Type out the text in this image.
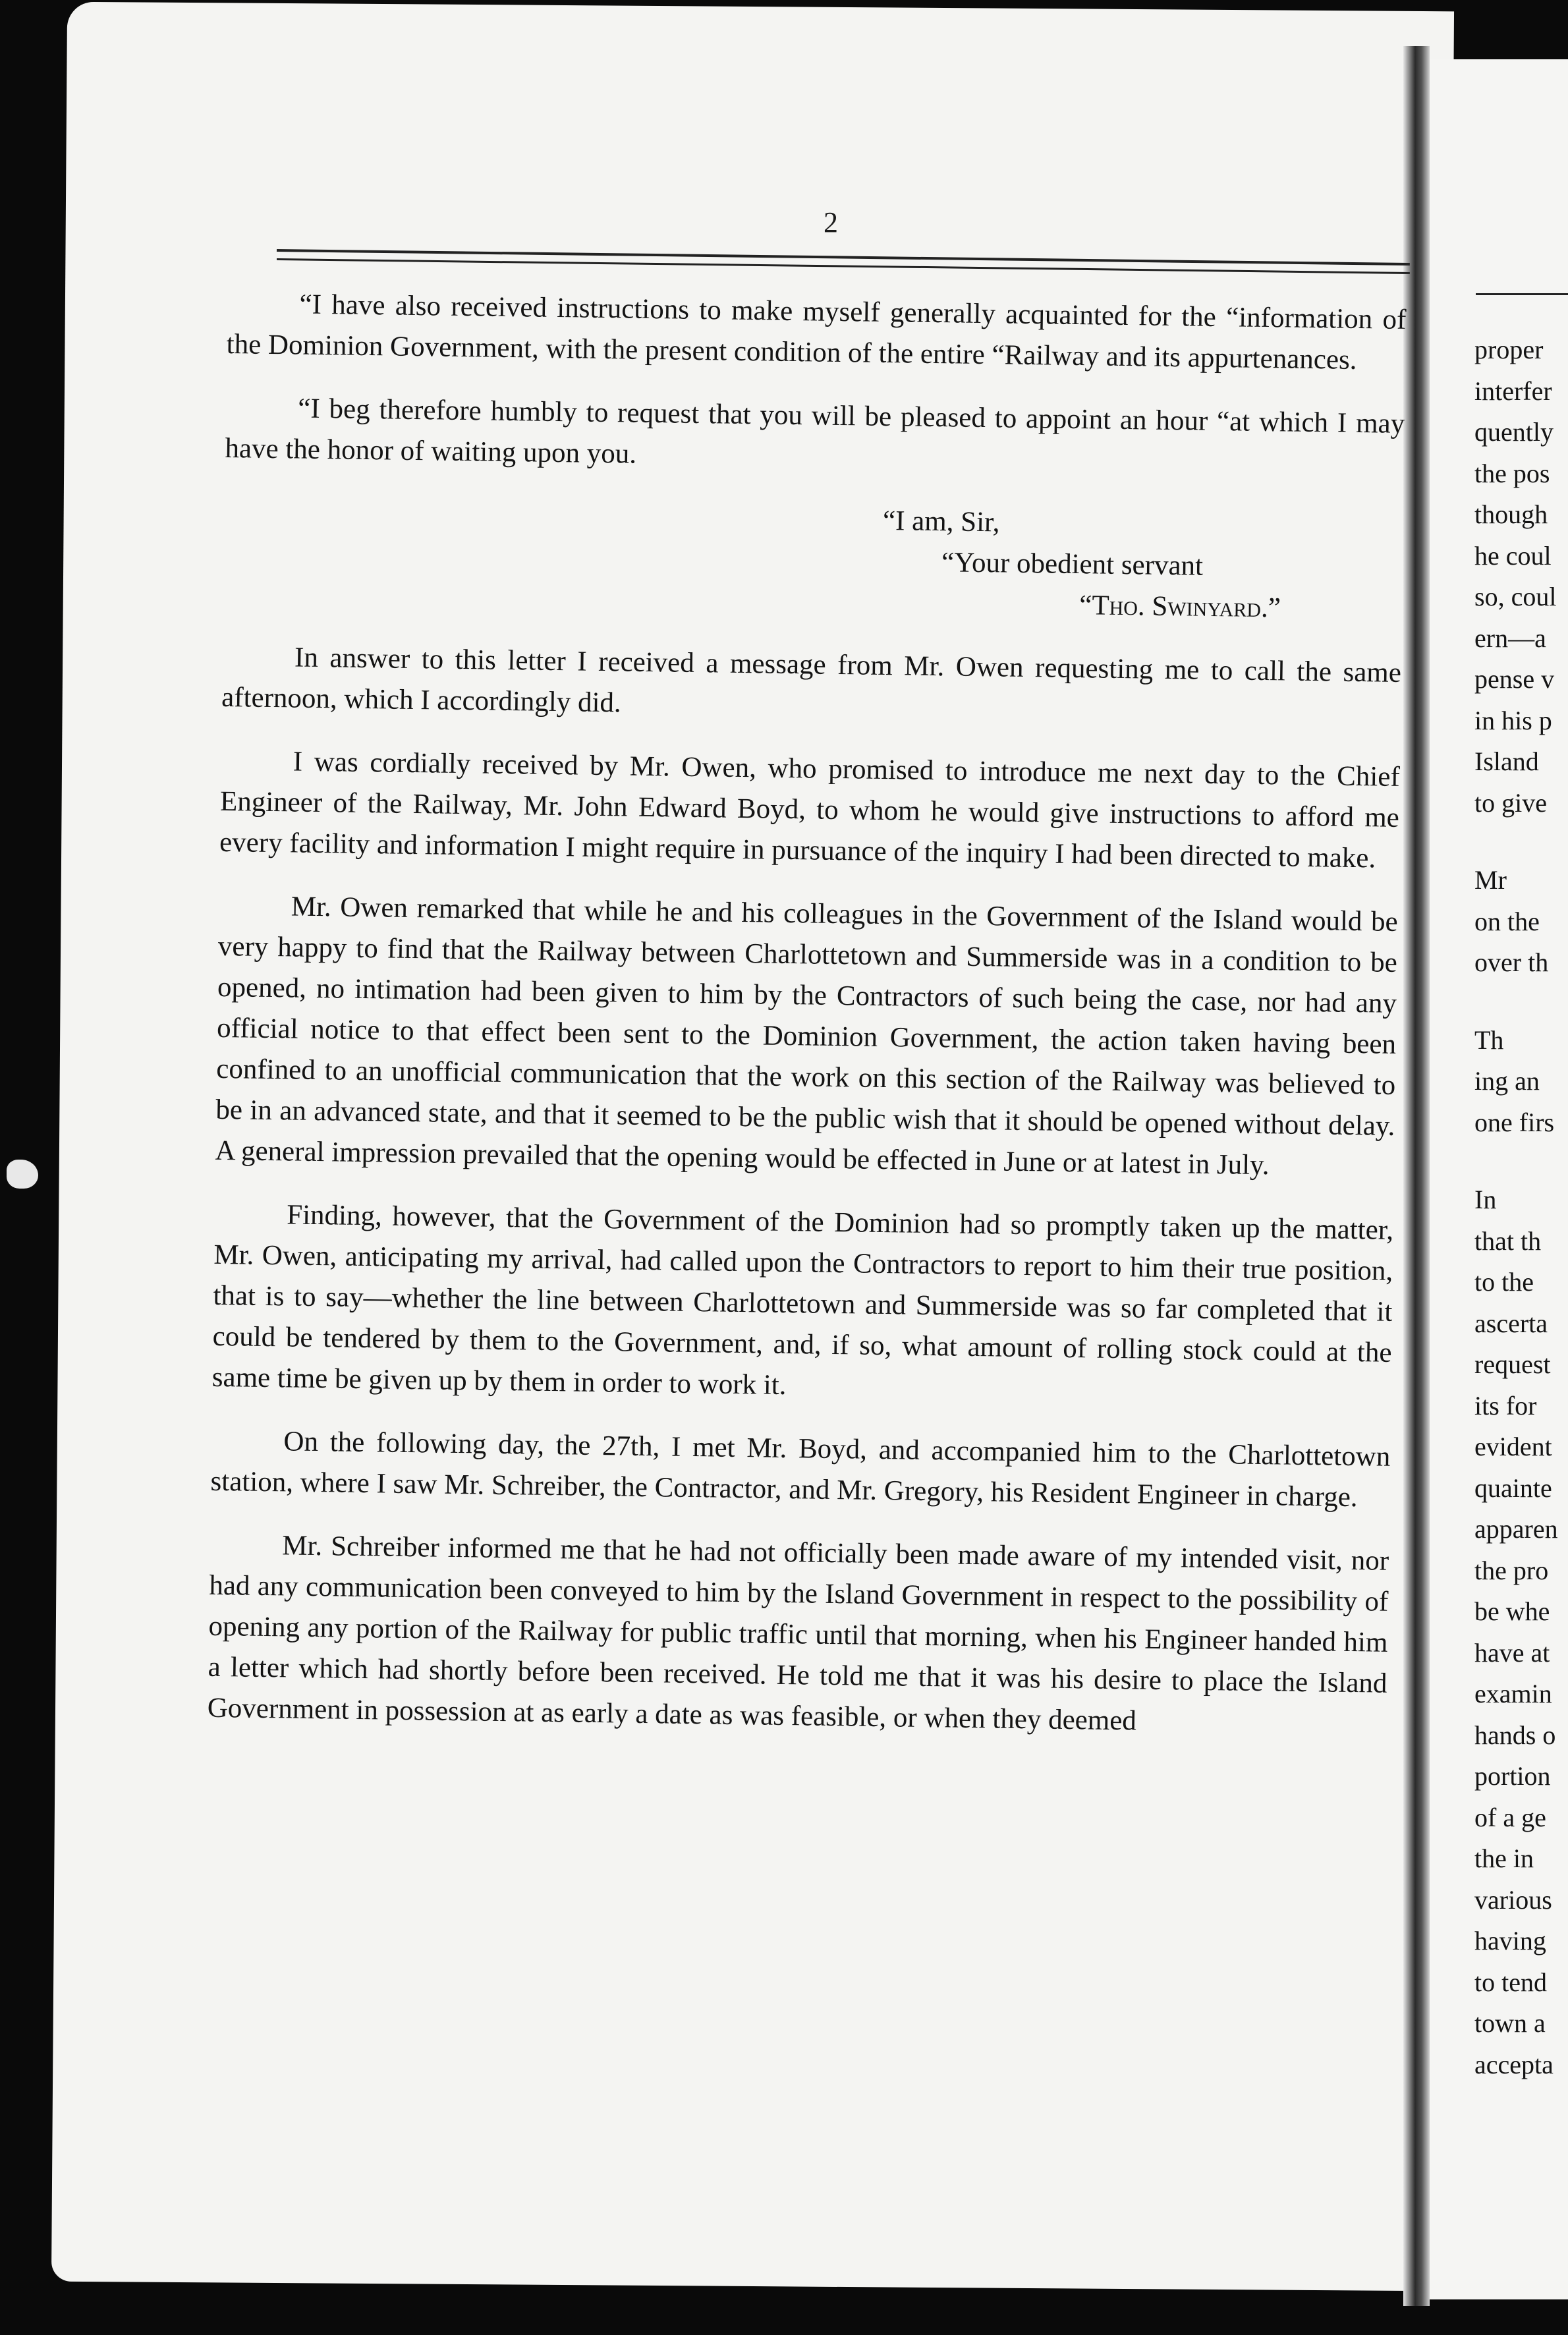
2

“I have also received instructions to make myself generally acquainted for the “information of the Dominion Government, with the present condition of the entire “Railway and its appurtenances.

“I beg therefore humbly to request that you will be pleased to appoint an hour “at which I may have the honor of waiting upon you.

“I am, Sir,

“Your obedient servant

“Tho. Swinyard.”

In answer to this letter I received a message from Mr. Owen requesting me to call the same afternoon, which I accordingly did.

I was cordially received by Mr. Owen, who promised to introduce me next day to the Chief Engineer of the Railway, Mr. John Edward Boyd, to whom he would give instructions to afford me every facility and information I might require in pursuance of the inquiry I had been directed to make.

Mr. Owen remarked that while he and his colleagues in the Government of the Island would be very happy to find that the Railway between Charlottetown and Summerside was in a condition to be opened, no intimation had been given to him by the Contractors of such being the case, nor had any official notice to that effect been sent to the Dominion Government, the action taken having been confined to an unofficial communication that the work on this section of the Railway was believed to be in an advanced state, and that it seemed to be the public wish that it should be opened without delay. A general impression prevailed that the opening would be effected in June or at latest in July.

Finding, however, that the Government of the Dominion had so promptly taken up the matter, Mr. Owen, anticipating my arrival, had called upon the Contractors to report to him their true position, that is to say—whether the line between Charlottetown and Summerside was so far completed that it could be tendered by them to the Government, and, if so, what amount of rolling stock could at the same time be given up by them in order to work it.

On the following day, the 27th, I met Mr. Boyd, and accompanied him to the Charlottetown station, where I saw Mr. Schreiber, the Contractor, and Mr. Gregory, his Resident Engineer in charge.

Mr. Schreiber informed me that he had not officially been made aware of my intended visit, nor had any communication been conveyed to him by the Island Government in respect to the possibility of opening any portion of the Railway for public traffic until that morning, when his Engineer handed him a letter which had shortly before been received. He told me that it was his desire to place the Island Government in possession at as early a date as was feasible, or when they deemed

proper
interfer
quently
the pos
though
he coul
so, coul
ern—a
pense v
in his p
Island
to give
Mr
on the
over th
Th
ing an
one firs
In
that th
to the
ascerta
request
its for
evident
quainte
apparen
the pro
be whe
have at
examin
hands o
portion
of a ge
the in
various
having
to tend
town a
accepta
